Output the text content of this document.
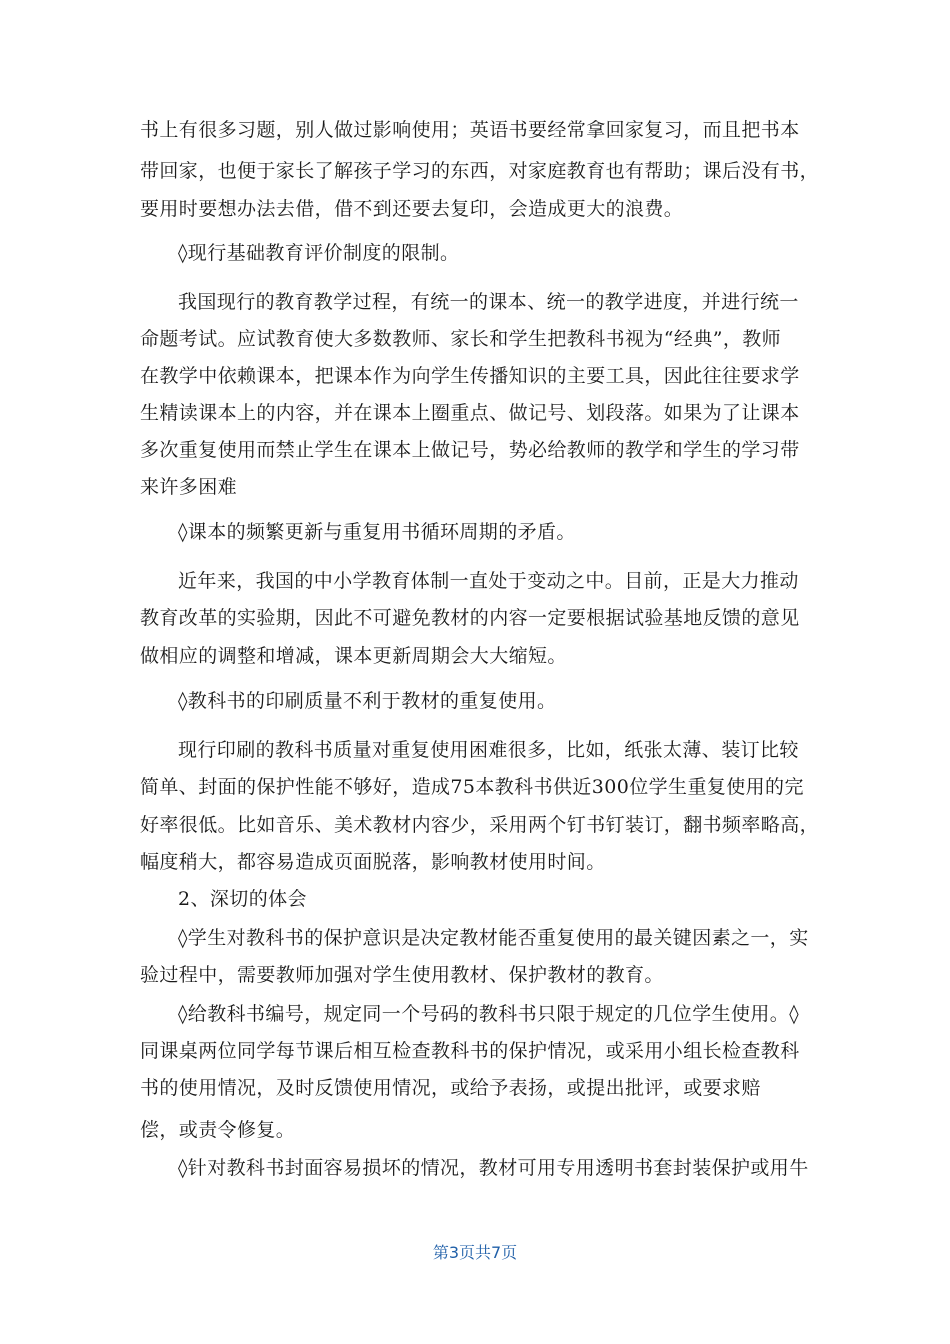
书上有很多习题，别人做过影响使用；英语书要经常拿回家复习，而且把书本
带回家，也便于家长了解孩子学习的东西，对家庭教育也有帮助；课后没有书，
要用时要想办法去借，借不到还要去复印，会造成更大的浪费。
◊现行基础教育评价制度的限制。
我国现行的教育教学过程，有统一的课本、统一的教学进度，并进行统一
命题考试。应试教育使大多数教师、家长和学生把教科书视为“经典”，教师
在教学中依赖课本，把课本作为向学生传播知识的主要工具，因此往往要求学
生精读课本上的内容，并在课本上圈重点、做记号、划段落。如果为了让课本
多次重复使用而禁止学生在课本上做记号，势必给教师的教学和学生的学习带
来许多困难
◊课本的频繁更新与重复用书循环周期的矛盾。
近年来，我国的中小学教育体制一直处于变动之中。目前，正是大力推动
教育改革的实验期，因此不可避免教材的内容一定要根据试验基地反馈的意见
做相应的调整和增减，课本更新周期会大大缩短。
◊教科书的印刷质量不利于教材的重复使用。
现行印刷的教科书质量对重复使用困难很多，比如，纸张太薄、装订比较
简单、封面的保护性能不够好，造成75本教科书供近300位学生重复使用的完
好率很低。比如音乐、美术教材内容少，采用两个钉书钉装订，翻书频率略高，
幅度稍大，都容易造成页面脱落，影响教材使用时间。
2、深切的体会
◊学生对教科书的保护意识是决定教材能否重复使用的最关键因素之一，实
验过程中，需要教师加强对学生使用教材、保护教材的教育。
◊给教科书编号，规定同一个号码的教科书只限于规定的几位学生使用。◊
同课桌两位同学每节课后相互检查教科书的保护情况，或采用小组长检查教科
书的使用情况，及时反馈使用情况，或给予表扬，或提出批评，或要求赔
偿，或责令修复。
◊针对教科书封面容易损坏的情况，教材可用专用透明书套封装保护或用牛
第3页共7页
